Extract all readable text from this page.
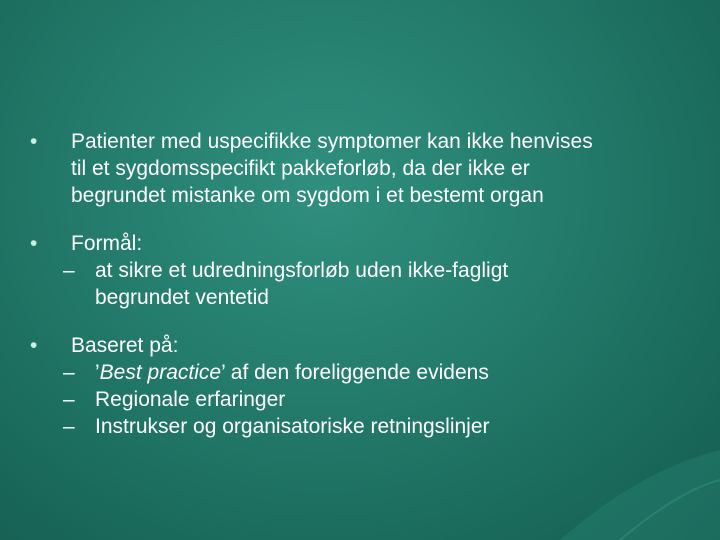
• Patienter med uspecifikke symptomer kan ikke henvises
til et sygdomsspecifikt pakkeforløb, da der ikke er
begrundet mistanke om sygdom i et bestemt organ
• Formål:
– at sikre et udredningsforløb uden ikke-fagligt
begrundet ventetid
• Baseret på:
– ’Best practice’ af den foreliggende evidens
– Regionale erfaringer
– Instrukser og organisatoriske retningslinjer
